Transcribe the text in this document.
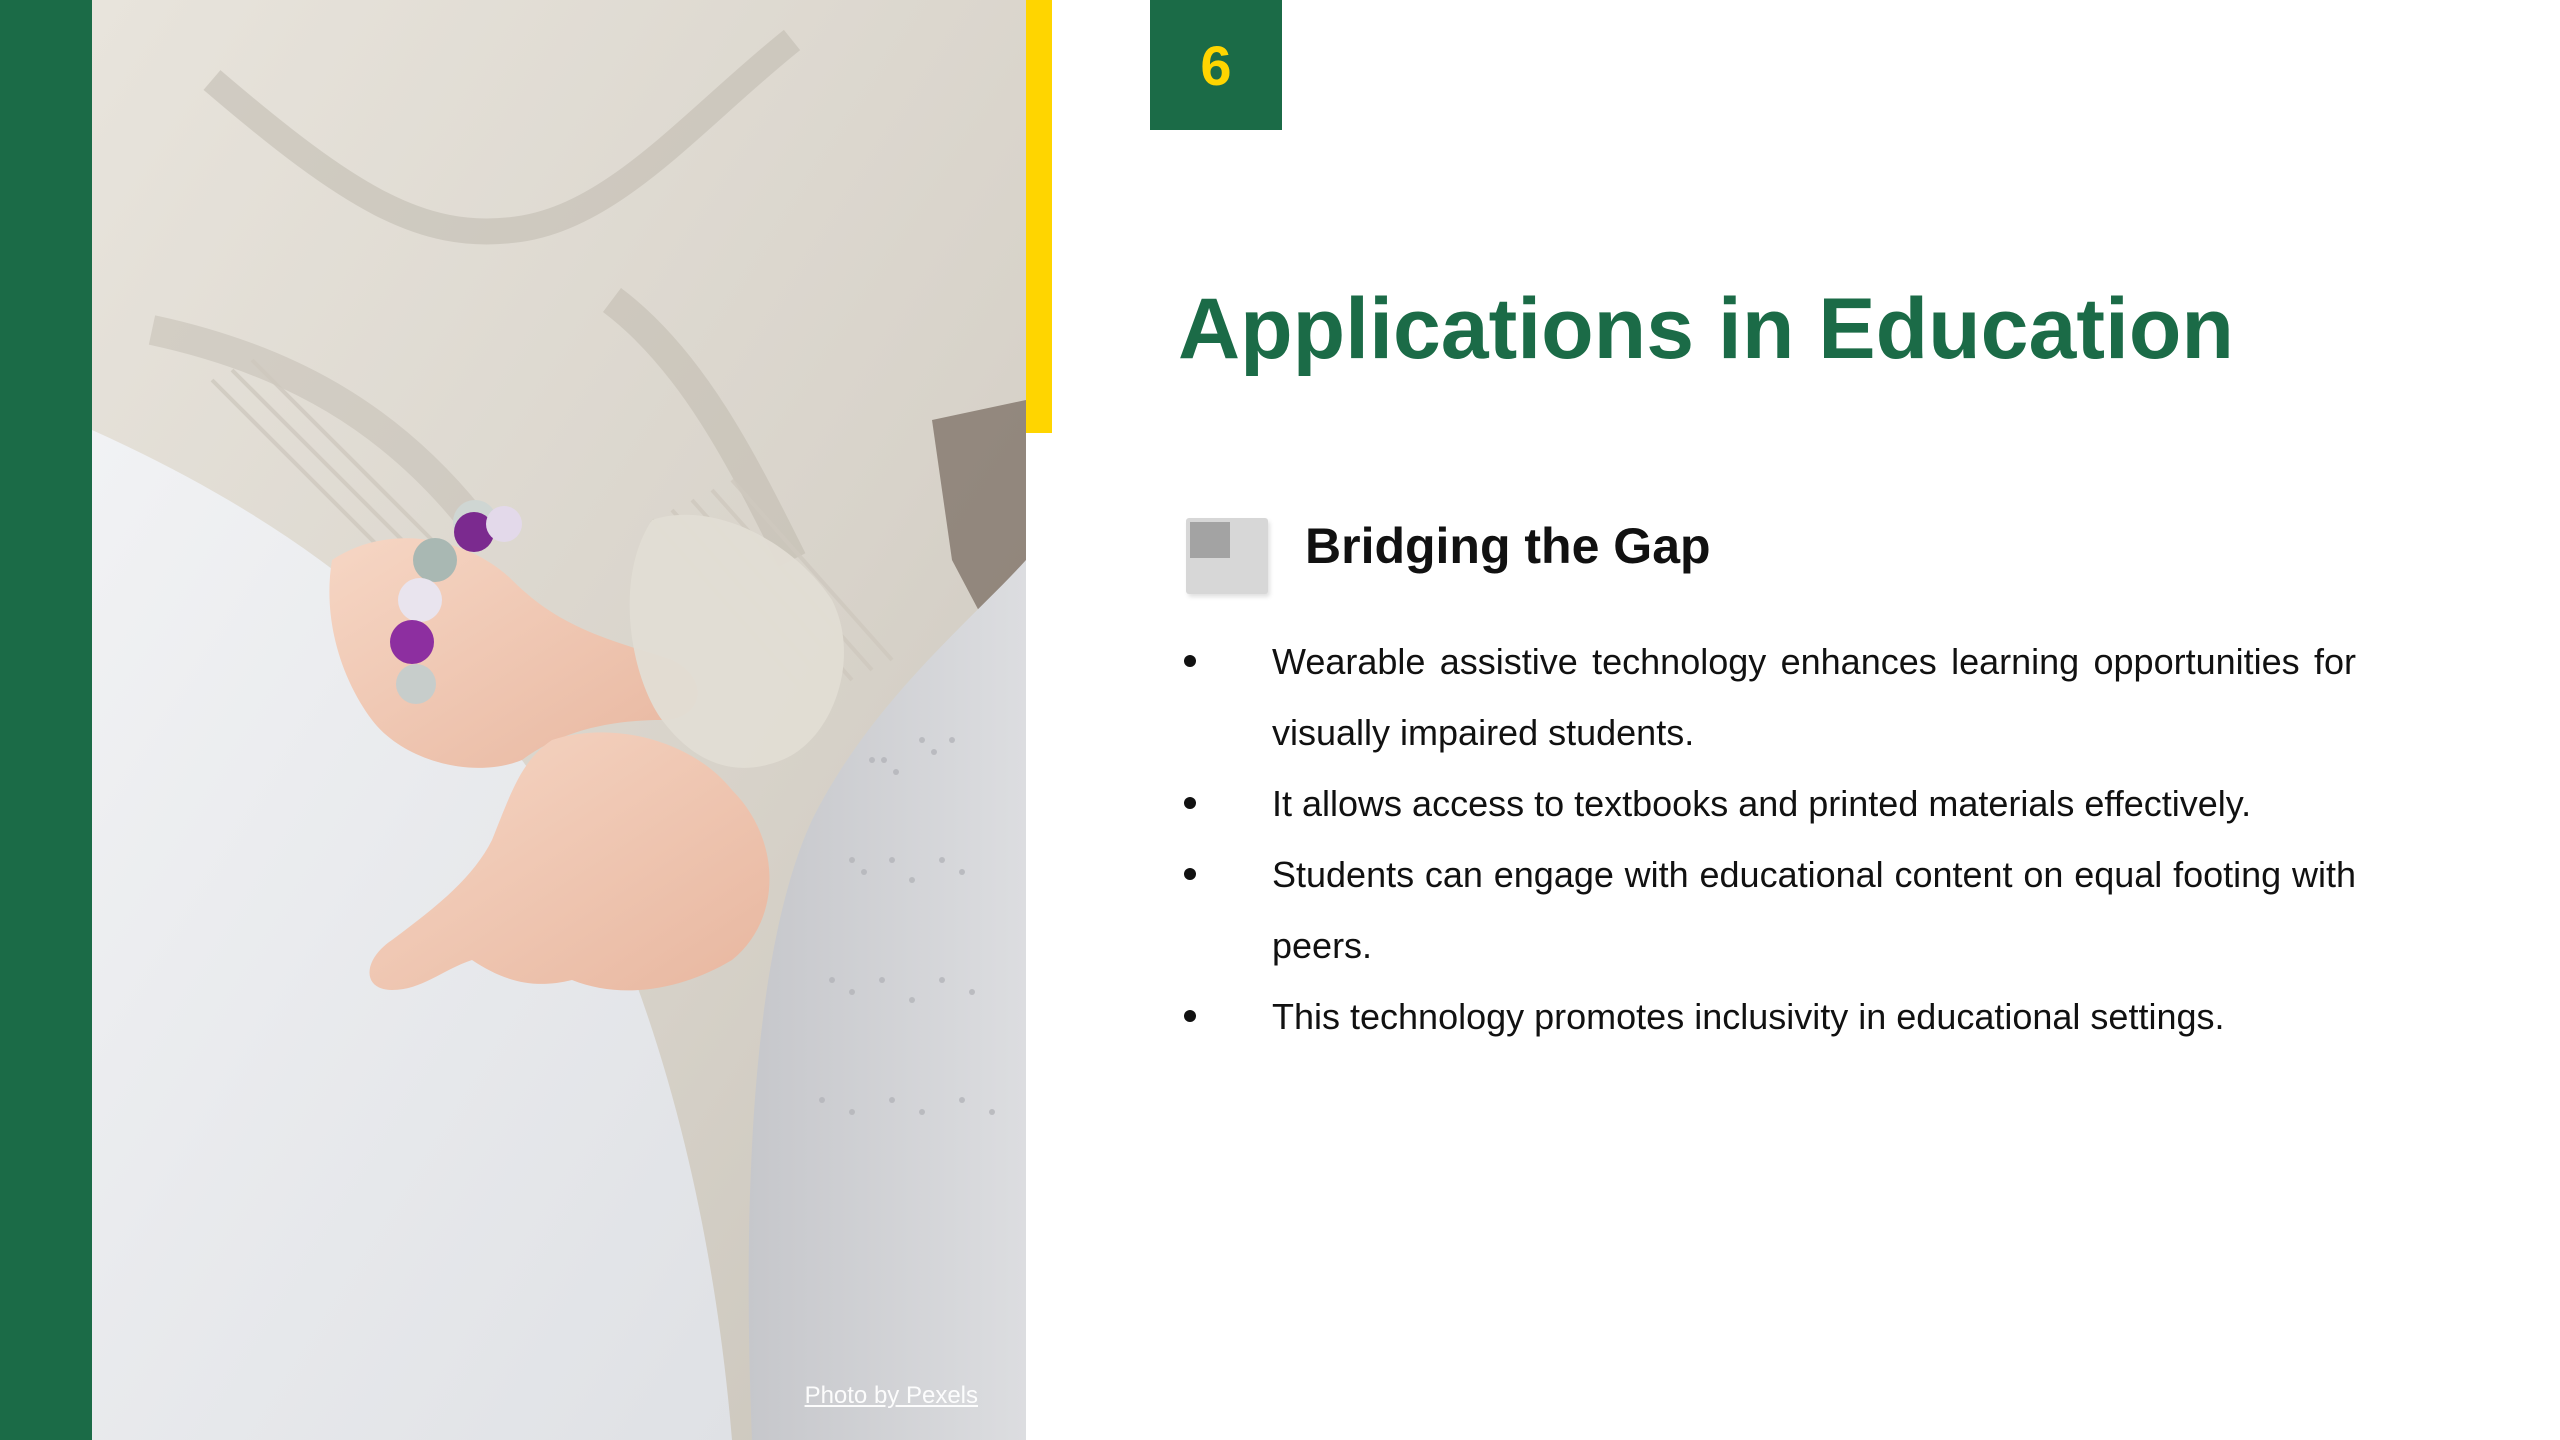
Photo by Pexels
6
Applications in Education
Bridging the Gap
Wearable assistive technology enhances learning opportunities for visually impaired students.
It allows access to textbooks and printed materials effectively.
Students can engage with educational content on equal footing with peers.
This technology promotes inclusivity in educational settings.
